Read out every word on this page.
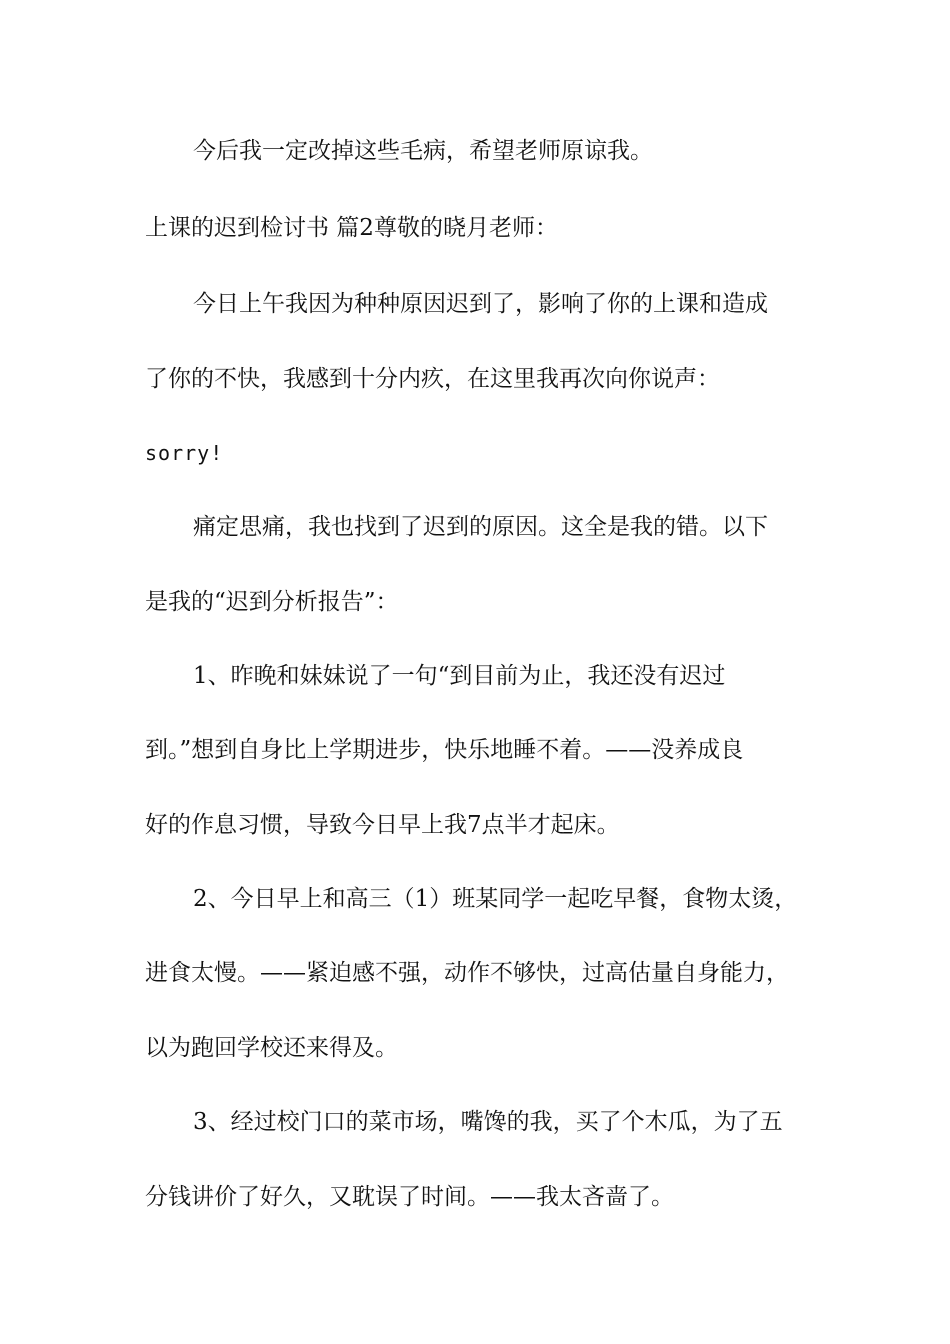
今后我一定改掉这些毛病，希望老师原谅我。
上课的迟到检讨书 篇2尊敬的晓月老师：
今日上午我因为种种原因迟到了，影响了你的上课和造成
了你的不快，我感到十分内疚，在这里我再次向你说声：
sorry!
痛定思痛，我也找到了迟到的原因。这全是我的错。以下
是我的“迟到分析报告”：
1、昨晚和妹妹说了一句“到目前为止，我还没有迟过
到。”想到自身比上学期进步，快乐地睡不着。——没养成良
好的作息习惯，导致今日早上我7点半才起床。
2、今日早上和高三（1）班某同学一起吃早餐，食物太烫，
进食太慢。——紧迫感不强，动作不够快，过高估量自身能力，
以为跑回学校还来得及。
3、经过校门口的菜市场，嘴馋的我，买了个木瓜，为了五
分钱讲价了好久，又耽误了时间。——我太吝啬了。
